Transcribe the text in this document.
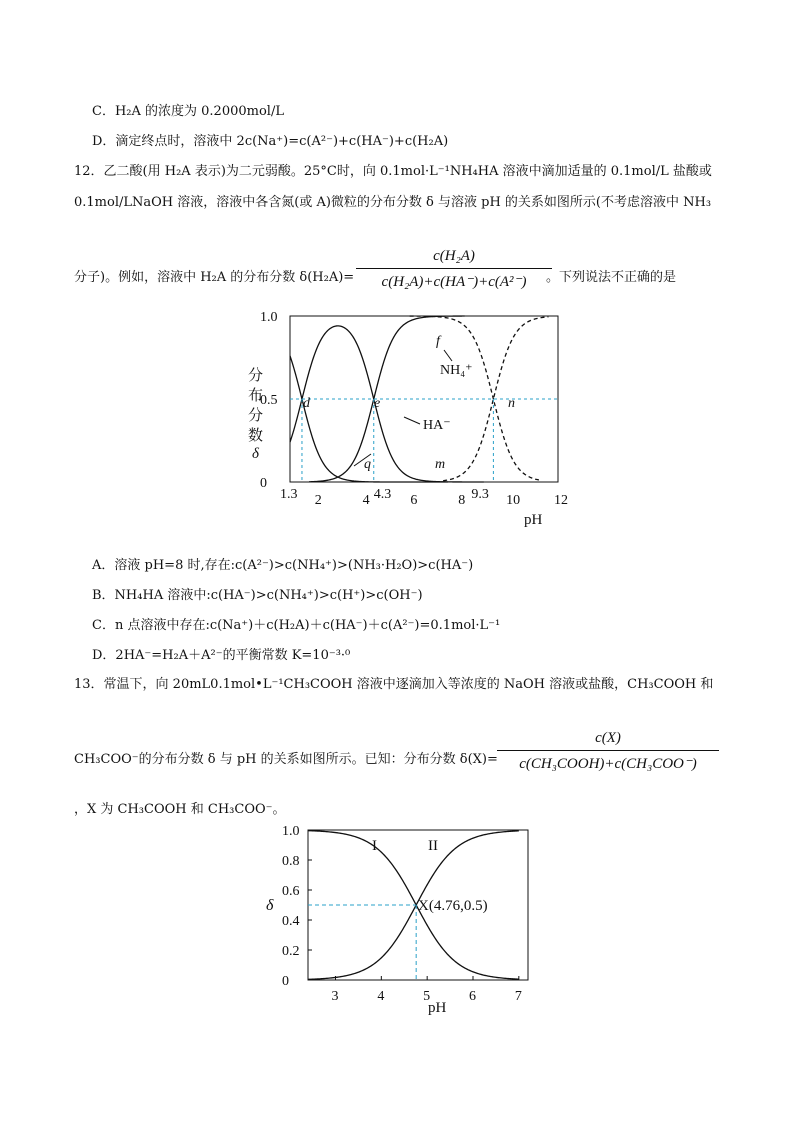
C．H₂A 的浓度为 0.2000mol/L
D．滴定终点时，溶液中 2c(Na⁺)=c(A²⁻)+c(HA⁻)+c(H₂A)
12．乙二酸(用 H₂A 表示)为二元弱酸。25°C时，向 0.1mol·L⁻¹NH₄HA 溶液中滴加适量的 0.1mol/L 盐酸或
0.1mol/LNaOH 溶液，溶液中各含氮(或 A)微粒的分布分数 δ 与溶液 pH 的关系如图所示(不考虑溶液中 NH₃
分子)。例如，溶液中 H₂A 的分布分数 δ(H₂A)=
c(H₂A)
c(H₂A)+c(HA⁻)+c(A²⁻)	。下列说法不正确的是
1.0
0.5
0
2	4	6	8	10 12
1.3	4.3	9.3
分
布
分
数
δ
pH
d	e	n
f
q	m
NH₄⁺
HA⁻
A．溶液 pH=8 时,存在:c(A²⁻)>c(NH₄⁺)>(NH₃·H₂O)>c(HA⁻)
B．NH₄HA 溶液中:c(HA⁻)>c(NH₄⁺)>c(H⁺)>c(OH⁻)
C．n 点溶液中存在:c(Na⁺)＋c(H₂A)＋c(HA⁻)＋c(A²⁻)=0.1mol·L⁻¹
D．2HA⁻=H₂A＋A²⁻的平衡常数 K=10⁻³·⁰
13．常温下，向 20mL0.1mol•L⁻¹CH₃COOH 溶液中逐滴加入等浓度的 NaOH 溶液或盐酸，CH₃COOH 和
CH₃COO⁻的分布分数 δ 与 pH 的关系如图所示。已知：分布分数 δ(X)=
c(X)
c(CH₃COOH)+c(CH₃COO⁻)
，X 为 CH₃COOH 和 CH₃COO⁻。
1.0
0.8
0.6
0.4
0.2
0
3	4	5	6	7
δ
pH
I	II
X(4.76,0.5)
